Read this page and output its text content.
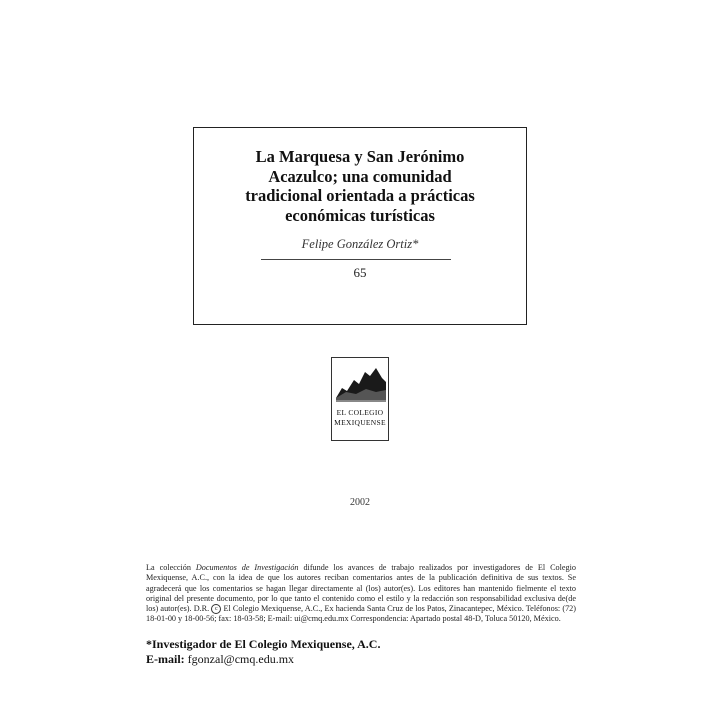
La Marquesa y San Jerónimo
Acazulco; una comunidad
tradicional orientada a prácticas
económicas turísticas
Felipe González Ortiz*
65
EL COLEGIO
MEXIQUENSE
2002
La colección Documentos de Investigación difunde los avances de trabajo realizados por investigadores de El Colegio Mexiquense, A.C., con la idea de que los autores reciban comentarios antes de la publicación definitiva de sus textos. Se agradecerá que los comentarios se hagan llegar directamente al (los) autor(es). Los editores han mantenido fielmente el texto original del presente documento, por lo que tanto el contenido como el estilo y la redacción son responsabilidad exclusiva de(de los) autor(es). D.R. c El Colegio Mexiquense, A.C., Ex hacienda Santa Cruz de los Patos, Zinacantepec, México. Teléfonos: (72) 18-01-00 y 18-00-56; fax: 18-03-58; E-mail: ui@cmq.edu.mx Correspondencia: Apartado postal 48-D, Toluca 50120, México.
*Investigador de El Colegio Mexiquense, A.C.
E-mail: fgonzal@cmq.edu.mx
